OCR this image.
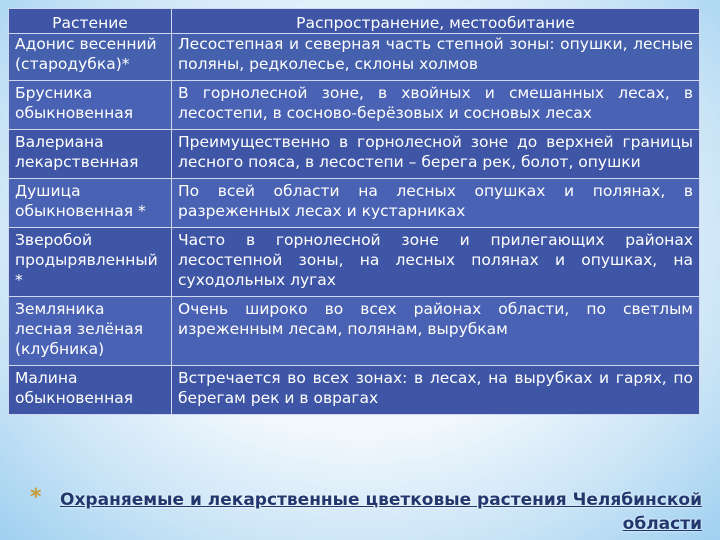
Растение	Распространение, местообитание
Адонис весенний (стародубка)*	Лесостепная и северная часть степной зоны: опушки, лесные поляны, редколесье, склоны холмов
Брусника обыкновенная	В горнолесной зоне, в хвойных и смешанных лесах, в лесостепи, в сосново-берёзовых и сосновых лесах
Валериана лекарственная	Преимущественно в горнолесной зоне до верхней границы лесного пояса, в лесостепи – берега рек, болот, опушки
Душица обыкновенная *	По всей области на лесных опушках и полянах, в разреженных лесах и кустарниках
Зверобой продырявленный *	Часто в горнолесной зоне и прилегающих районах лесостепной зоны, на лесных полянах и опушках, на суходольных лугах
Земляника лесная зелёная (клубника)	Очень широко во всех районах области, по светлым изреженным лесам, полянам, вырубкам
Малина обыкновенная	Встречается во всех зонах: в лесах, на вырубках и гарях, по берегам рек и в оврагах
*	Охраняемые и лекарственные цветковые растения Челябинской области
